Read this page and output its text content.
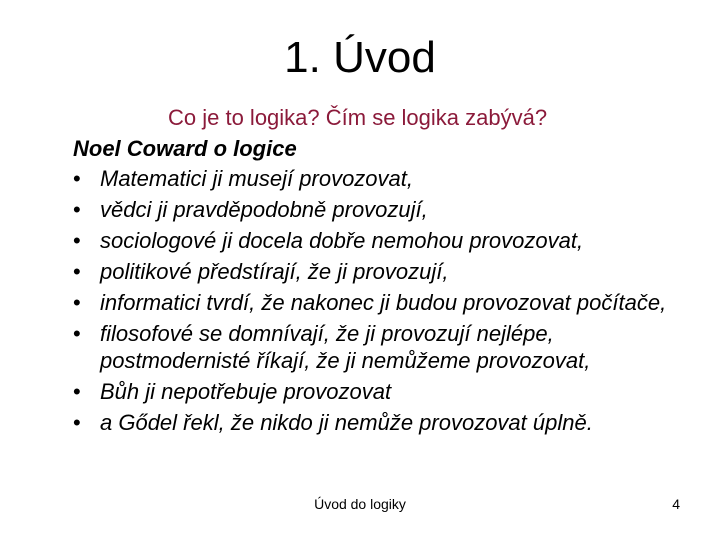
1. Úvod
Co je to logika? Čím se logika zabývá?
Noel Coward o logice
• Matematici ji musejí provozovat,
• vědci ji pravděpodobně provozují,
• sociologové ji docela dobře nemohou provozovat,
• politikové předstírají, že ji provozují,
• informatici tvrdí, že nakonec ji budou provozovat počítače,
• filosofové se domnívají, že ji provozují nejlépe, postmodernisté říkají, že ji nemůžeme provozovat,
• Bůh ji nepotřebuje provozovat
• a Gődel řekl, že nikdo ji nemůže provozovat úplně.
Úvod do logiky	4
